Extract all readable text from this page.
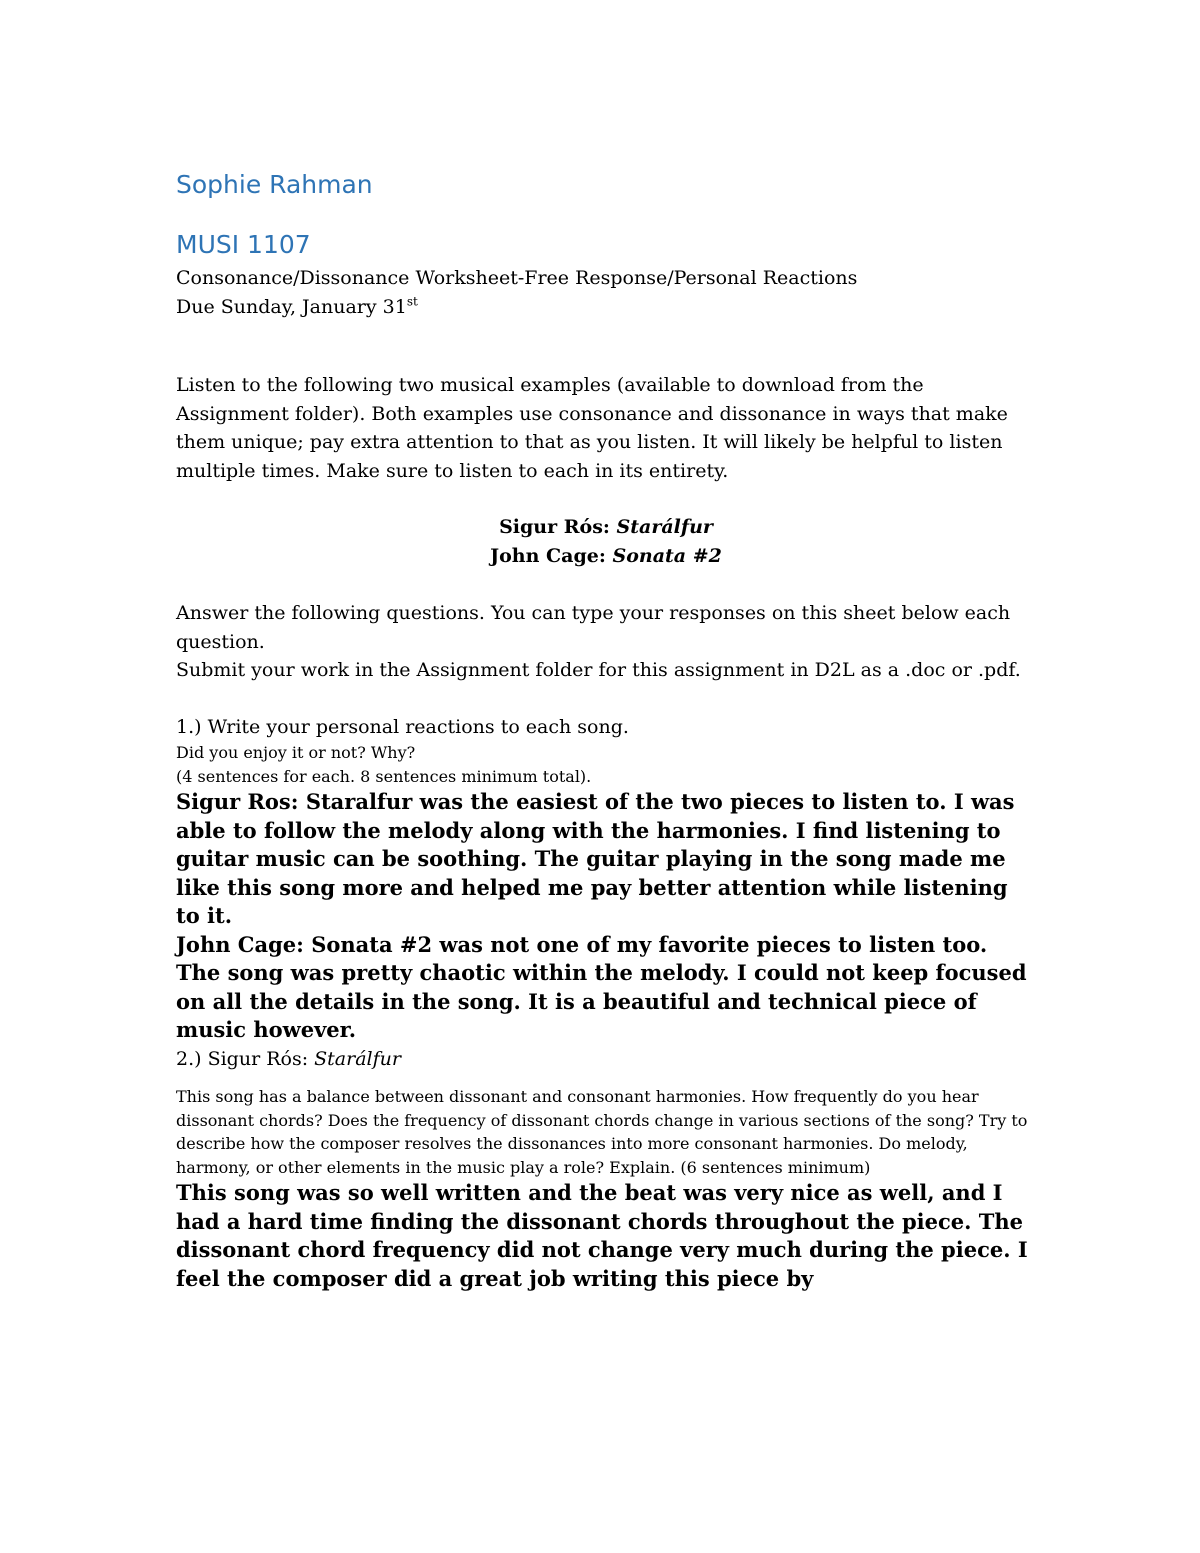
Sophie Rahman
MUSI 1107

Consonance/Dissonance Worksheet-Free Response/Personal Reactions

Due Sunday, January 31st

Listen to the following two musical examples (available to download from the Assignment folder). Both examples use consonance and dissonance in ways that make them unique; pay extra attention to that as you listen. It will likely be helpful to listen multiple times. Make sure to listen to each in its entirety.

Sigur Rós: Starálfur

John Cage: Sonata #2

Answer the following questions. You can type your responses on this sheet below each question.

Submit your work in the Assignment folder for this assignment in D2L as a .doc or .pdf.

1.) Write your personal reactions to each song.

Did you enjoy it or not? Why?

(4 sentences for each. 8 sentences minimum total).

Sigur Ros: Staralfur was the easiest of the two pieces to listen to. I was able to follow the melody along with the harmonies. I find listening to guitar music can be soothing. The guitar playing in the song made me like this song more and helped me pay better attention while listening to it.

John Cage: Sonata #2 was not one of my favorite pieces to listen too. The song was pretty chaotic within the melody. I could not keep focused on all the details in the song. It is a beautiful and technical piece of music however.

2.) Sigur Rós: Starálfur

This song has a balance between dissonant and consonant harmonies. How frequently do you hear dissonant chords? Does the frequency of dissonant chords change in various sections of the song? Try to describe how the composer resolves the dissonances into more consonant harmonies. Do melody, harmony, or other elements in the music play a role? Explain. (6 sentences minimum)

This song was so well written and the beat was very nice as well, and I had a hard time finding the dissonant chords throughout the piece. The dissonant chord frequency did not change very much during the piece. I feel the composer did a great job writing this piece by
